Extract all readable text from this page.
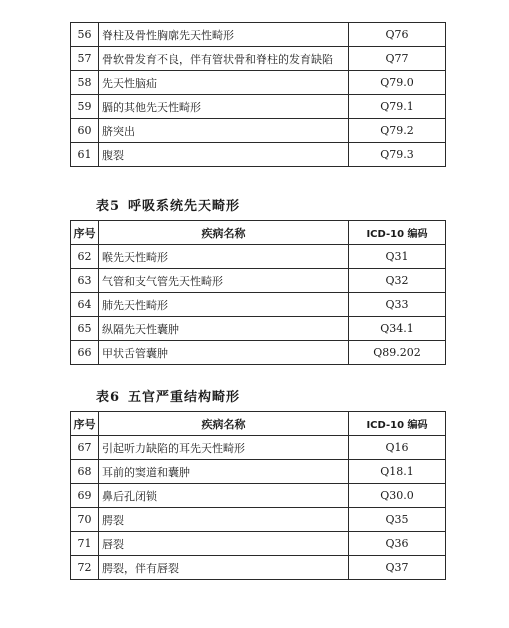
56	脊柱及骨性胸廓先天性畸形	Q76
57	骨软骨发育不良，伴有管状骨和脊柱的发育缺陷	Q77
58	先天性脑疝	Q79.0
59	膈的其他先天性畸形	Q79.1
60	脐突出	Q79.2
61	腹裂	Q79.3
表5 呼吸系统先天畸形
序号	疾病名称	ICD-10 编码
62	喉先天性畸形	Q31
63	气管和支气管先天性畸形	Q32
64	肺先天性畸形	Q33
65	纵隔先天性囊肿	Q34.1
66	甲状舌管囊肿	Q89.202
表6 五官严重结构畸形
序号	疾病名称	ICD-10 编码
67	引起听力缺陷的耳先天性畸形	Q16
68	耳前的窦道和囊肿	Q18.1
69	鼻后孔闭锁	Q30.0
70	腭裂	Q35
71	唇裂	Q36
72	腭裂，伴有唇裂	Q37
